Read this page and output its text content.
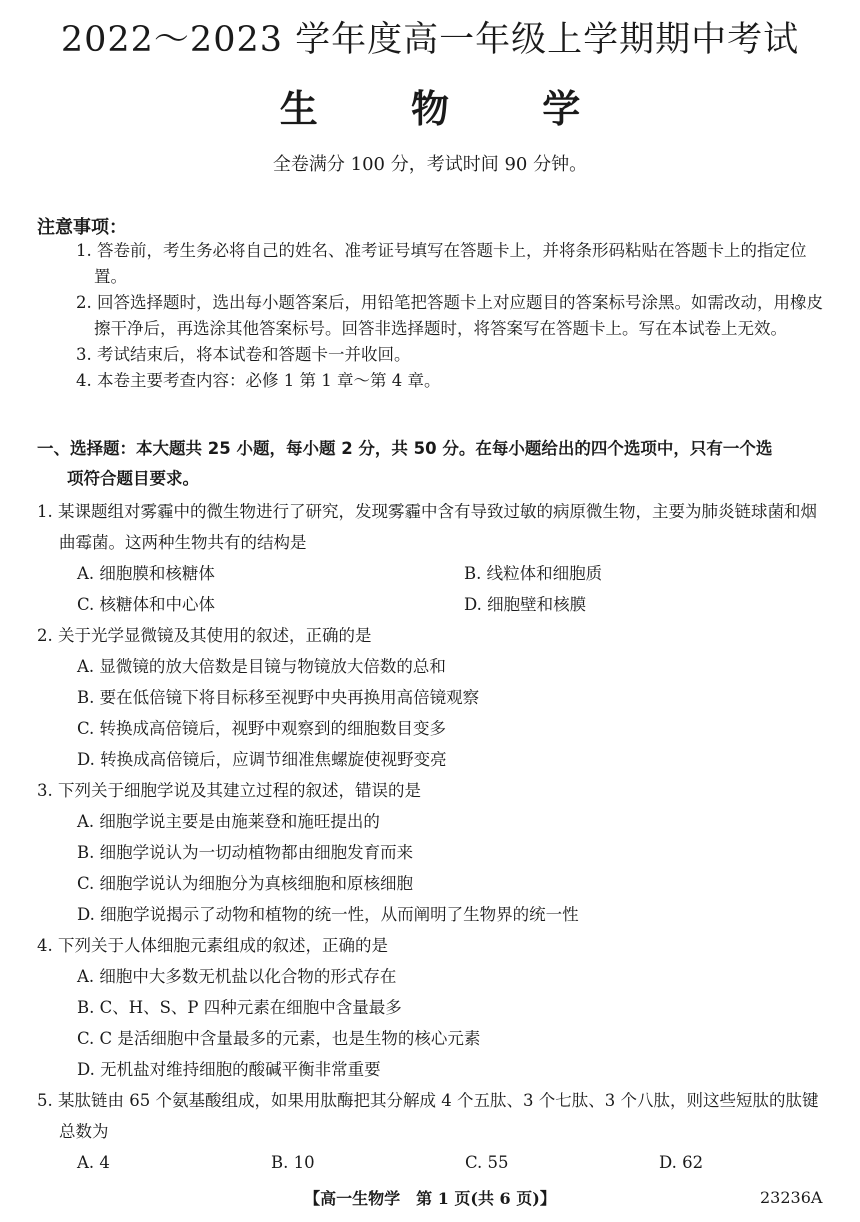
2022～2023 学年度高一年级上学期期中考试
生 物 学
全卷满分 100 分，考试时间 90 分钟。
注意事项：
1. 答卷前，考生务必将自己的姓名、准考证号填写在答题卡上，并将条形码粘贴在答题卡上的指定位置。
2. 回答选择题时，选出每小题答案后，用铅笔把答题卡上对应题目的答案标号涂黑。如需改动，用橡皮擦干净后，再选涂其他答案标号。回答非选择题时，将答案写在答题卡上。写在本试卷上无效。
3. 考试结束后，将本试卷和答题卡一并收回。
4. 本卷主要考查内容：必修 1 第 1 章～第 4 章。
一、选择题：本大题共 25 小题，每小题 2 分，共 50 分。在每小题给出的四个选项中，只有一个选
项符合题目要求。
1. 某课题组对雾霾中的微生物进行了研究，发现雾霾中含有导致过敏的病原微生物，主要为肺炎链球菌和烟曲霉菌。这两种生物共有的结构是
A. 细胞膜和核糖体	B. 线粒体和细胞质
C. 核糖体和中心体	D. 细胞壁和核膜
2. 关于光学显微镜及其使用的叙述，正确的是
A. 显微镜的放大倍数是目镜与物镜放大倍数的总和
B. 要在低倍镜下将目标移至视野中央再换用高倍镜观察
C. 转换成高倍镜后，视野中观察到的细胞数目变多
D. 转换成高倍镜后，应调节细准焦螺旋使视野变亮
3. 下列关于细胞学说及其建立过程的叙述，错误的是
A. 细胞学说主要是由施莱登和施旺提出的
B. 细胞学说认为一切动植物都由细胞发育而来
C. 细胞学说认为细胞分为真核细胞和原核细胞
D. 细胞学说揭示了动物和植物的统一性，从而阐明了生物界的统一性
4. 下列关于人体细胞元素组成的叙述，正确的是
A. 细胞中大多数无机盐以化合物的形式存在
B. C、H、S、P 四种元素在细胞中含量最多
C. C 是活细胞中含量最多的元素，也是生物的核心元素
D. 无机盐对维持细胞的酸碱平衡非常重要
5. 某肽链由 65 个氨基酸组成，如果用肽酶把其分解成 4 个五肽、3 个七肽、3 个八肽，则这些短肽的肽键总数为
A. 4	B. 10	C. 55	D. 62
【高一生物学　第 1 页(共 6 页)】	23236A
